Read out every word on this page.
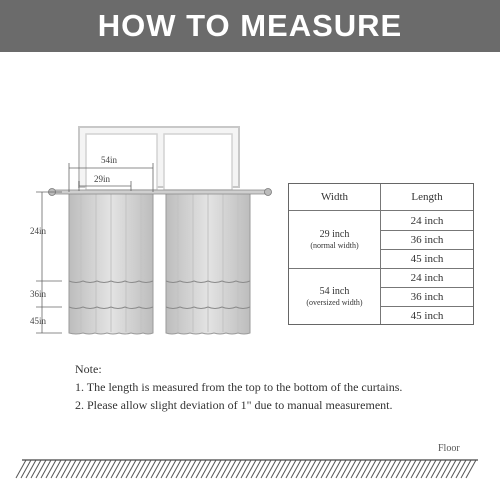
HOW TO MEASURE
54in
29in
24in
36in
45in
Width	Length
29 inch
(normal width)
24 inch
36 inch
45 inch
54 inch
(oversized width)
24 inch
36 inch
45 inch
Note:
1. The length is measured from the top to the bottom of the curtains.
2. Please allow slight deviation of 1" due to manual measurement.
Floor
